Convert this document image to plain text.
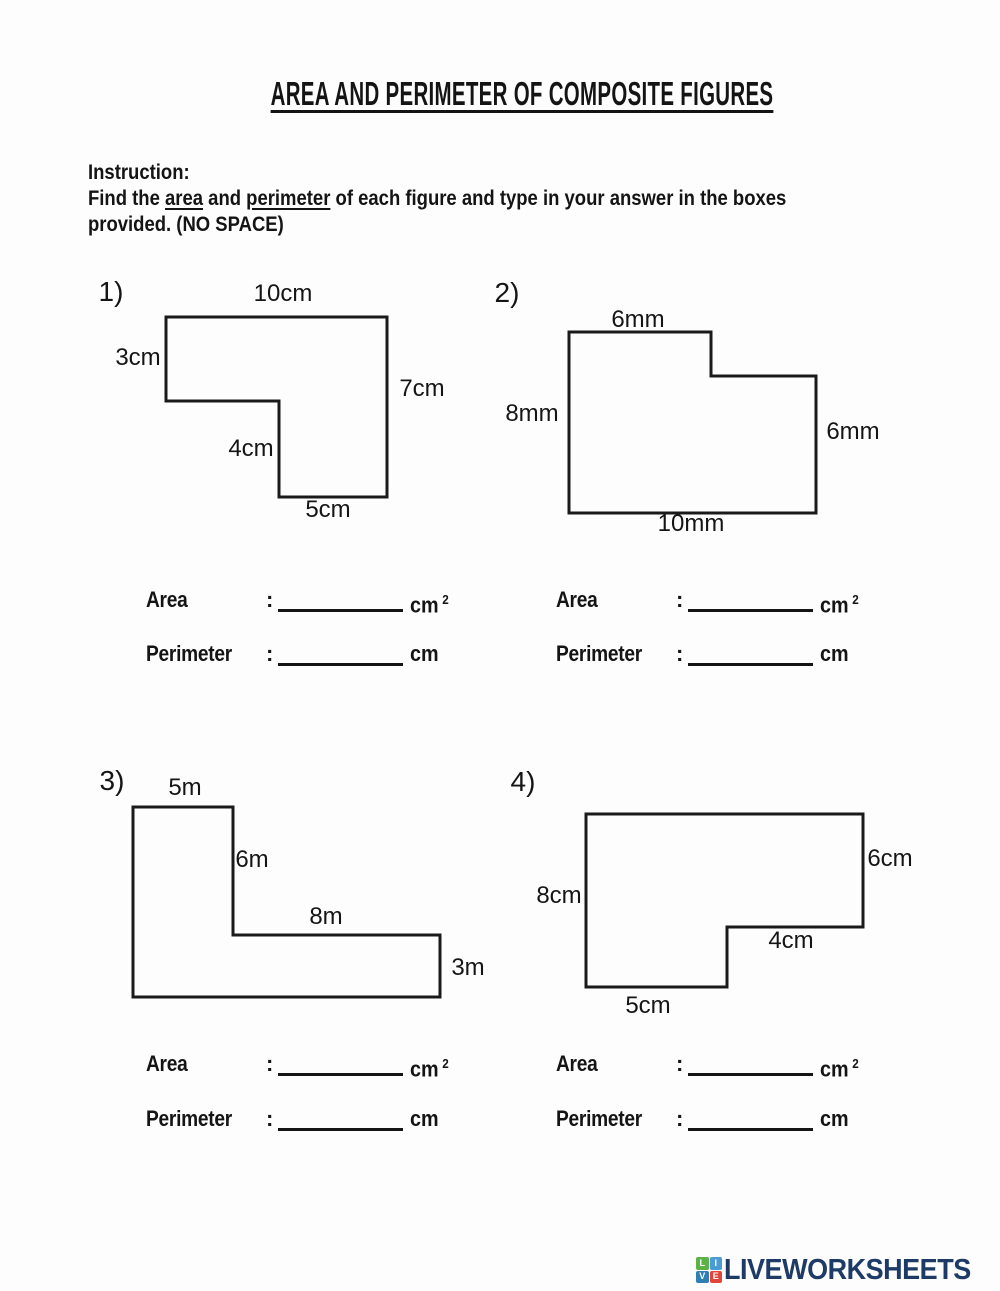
AREA AND PERIMETER OF COMPOSITE FIGURES
Instruction:
Find the area and perimeter of each figure and type in your answer in the boxes
provided. (NO SPACE)
1)	10cm
3cm
4cm
5cm
7cm
2)
6mm
8mm
6mm
10mm
3) 5m
6m
8m
3m
4)
8cm
6cm
4cm
5cm
Area	:	cm $^2$
Perimeter :	cm
Area	:	cm $^2$
Perimeter :	cm
Area	:	cm $^2$
Perimeter :	cm
Area	:	cm $^2$
Perimeter :	cm
L	I
V E LIVEWORKSHEETS
